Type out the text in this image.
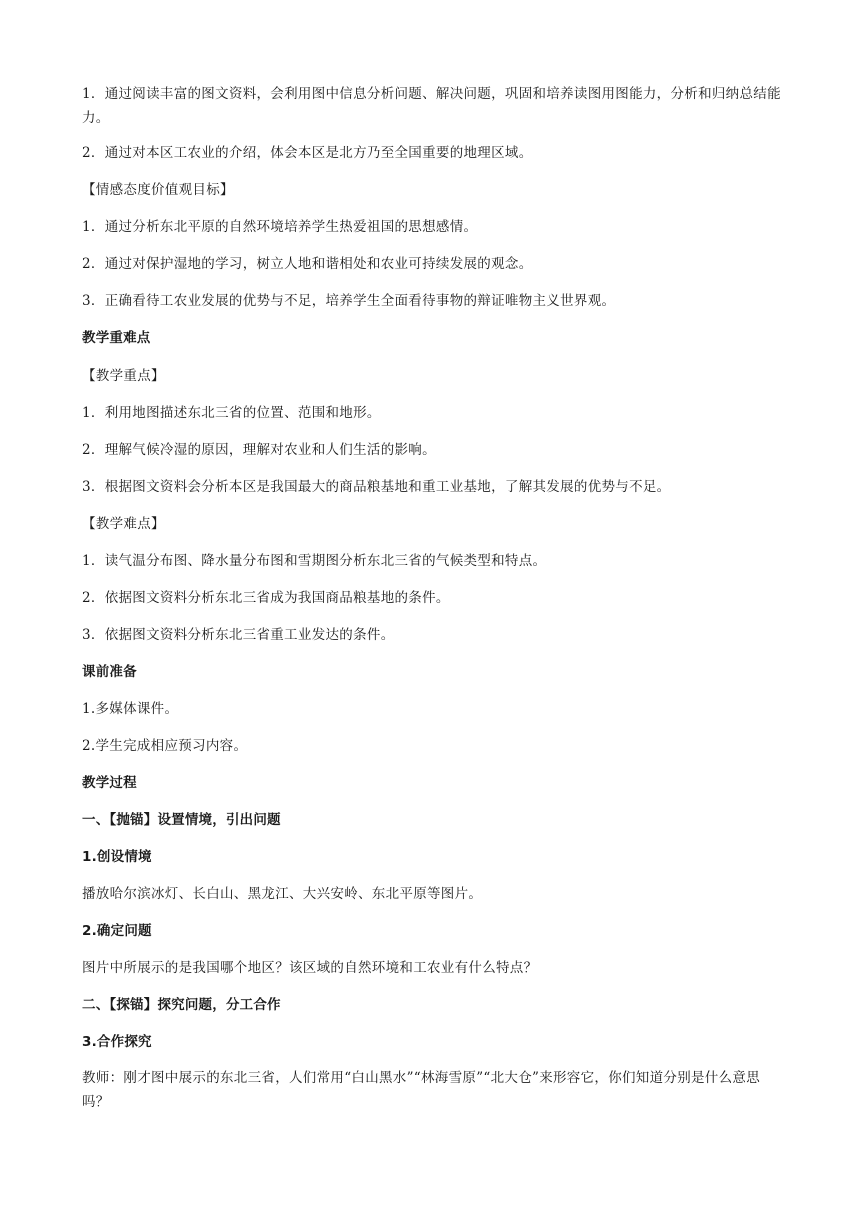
1．通过阅读丰富的图文资料，会利用图中信息分析问题、解决问题，巩固和培养读图用图能力，分析和归纳总结能力。
2．通过对本区工农业的介绍，体会本区是北方乃至全国重要的地理区域。
【情感态度价值观目标】
1．通过分析东北平原的自然环境培养学生热爱祖国的思想感情。
2．通过对保护湿地的学习，树立人地和谐相处和农业可持续发展的观念。
3．正确看待工农业发展的优势与不足，培养学生全面看待事物的辩证唯物主义世界观。
教学重难点
【教学重点】
1．利用地图描述东北三省的位置、范围和地形。
2．理解气候冷湿的原因，理解对农业和人们生活的影响。
3．根据图文资料会分析本区是我国最大的商品粮基地和重工业基地，了解其发展的优势与不足。
【教学难点】
1．读气温分布图、降水量分布图和雪期图分析东北三省的气候类型和特点。
2．依据图文资料分析东北三省成为我国商品粮基地的条件。
3．依据图文资料分析东北三省重工业发达的条件。
课前准备
1.多媒体课件。
2.学生完成相应预习内容。
教学过程
一、【抛锚】设置情境，引出问题
1.创设情境
播放哈尔滨冰灯、长白山、黑龙江、大兴安岭、东北平原等图片。
2.确定问题
图片中所展示的是我国哪个地区？该区域的自然环境和工农业有什么特点？
二、【探锚】探究问题，分工合作
3.合作探究
教师：刚才图中展示的东北三省，人们常用“白山黑水”“林海雪原”“北大仓”来形容它，你们知道分别是什么意思吗？
